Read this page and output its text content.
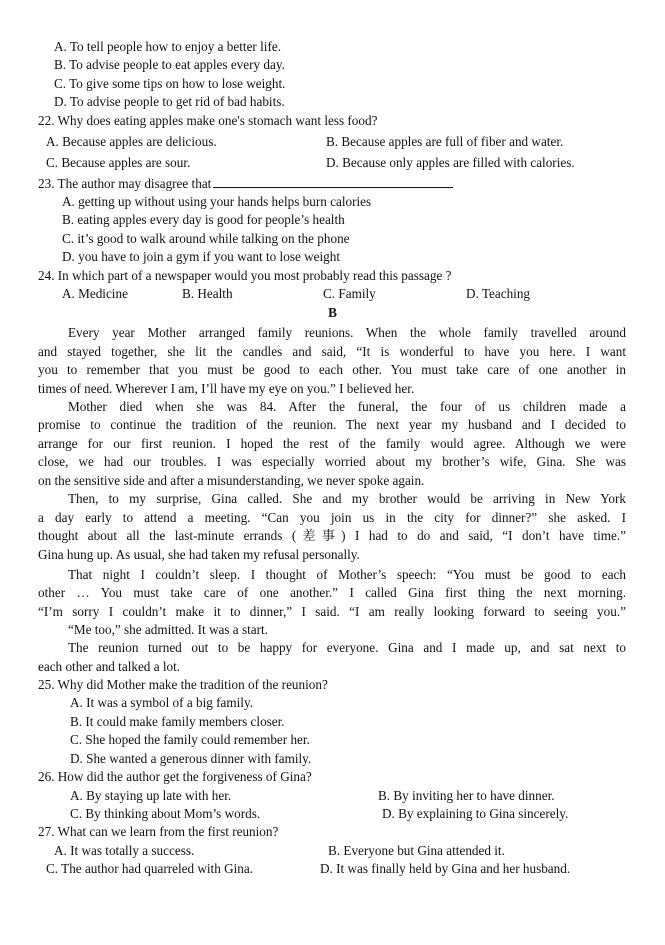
A. To tell people how to enjoy a better life.
B. To advise people to eat apples every day.
C. To give some tips on how to lose weight.
D. To advise people to get rid of bad habits.
22. Why does eating apples make one's stomach want less food?
A. Because apples are delicious.	B. Because apples are full of fiber and water.
C. Because apples are sour.	D. Because only apples are filled with calories.
23. The author may disagree that
A. getting up without using your hands helps burn calories
B. eating apples every day is good for people’s health
C. it’s good to walk around while talking on the phone
D. you have to join a gym if you want to lose weight
24. In which part of a newspaper would you most probably read this passage ?
A. Medicine	B. Health	C. Family	D. Teaching
B
Every year Mother arranged family reunions. When the whole family travelled around
and stayed together, she lit the candles and said, “It is wonderful to have you here. I want
you to remember that you must be good to each other. You must take care of one another in
times of need. Wherever I am, I’ll have my eye on you.” I believed her.
Mother died when she was 84. After the funeral, the four of us children made a
promise to continue the tradition of the reunion. The next year my husband and I decided to
arrange for our first reunion. I hoped the rest of the family would agree. Although we were
close, we had our troubles. I was especially worried about my brother’s wife, Gina. She was
on the sensitive side and after a misunderstanding, we never spoke again.
Then, to my surprise, Gina called. She and my brother would be arriving in New York
a day early to attend a meeting. “Can you join us in the city for dinner?” she asked. I
thought about all the last-minute errands (差事) I had to do and said, “I don’t have time.”
Gina hung up. As usual, she had taken my refusal personally.
That night I couldn’t sleep. I thought of Mother’s speech: “You must be good to each
other … You must take care of one another.” I called Gina first thing the next morning.
“I’m sorry I couldn’t make it to dinner,” I said. “I am really looking forward to seeing you.”
“Me too,” she admitted. It was a start.
The reunion turned out to be happy for everyone. Gina and I made up, and sat next to
each other and talked a lot.
25. Why did Mother make the tradition of the reunion?
A. It was a symbol of a big family.
B. It could make family members closer.
C. She hoped the family could remember her.
D. She wanted a generous dinner with family.
26. How did the author get the forgiveness of Gina?
A. By staying up late with her.	B. By inviting her to have dinner.
C. By thinking about Mom’s words.	D. By explaining to Gina sincerely.
27. What can we learn from the first reunion?
A. It was totally a success.	B. Everyone but Gina attended it.
C. The author had quarreled with Gina.	D. It was finally held by Gina and her husband.
